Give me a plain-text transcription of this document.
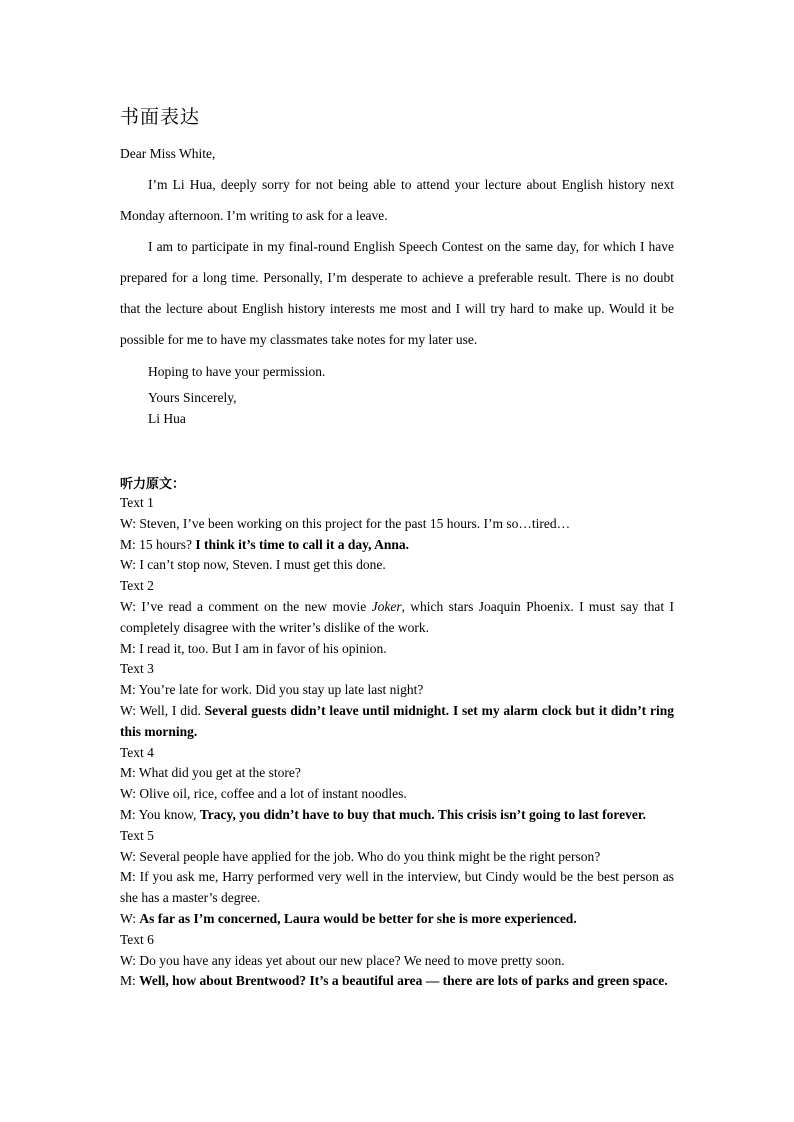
书面表达
Dear Miss White,
I’m Li Hua, deeply sorry for not being able to attend your lecture about English history next Monday afternoon. I’m writing to ask for a leave.
I am to participate in my final-round English Speech Contest on the same day, for which I have prepared for a long time. Personally, I’m desperate to achieve a preferable result. There is no doubt that the lecture about English history interests me most and I will try hard to make up. Would it be possible for me to have my classmates take notes for my later use.
Hoping to have your permission.
Yours Sincerely,
Li Hua
听力原文：
Text 1
W: Steven, I’ve been working on this project for the past 15 hours. I’m so…tired…
M: 15 hours? I think it’s time to call it a day, Anna.
W: I can’t stop now, Steven. I must get this done.
Text 2
W: I’ve read a comment on the new movie Joker, which stars Joaquin Phoenix. I must say that I completely disagree with the writer’s dislike of the work.
M: I read it, too. But I am in favor of his opinion.
Text 3
M: You’re late for work. Did you stay up late last night?
W: Well, I did. Several guests didn’t leave until midnight. I set my alarm clock but it didn’t ring this morning.
Text 4
M: What did you get at the store?
W: Olive oil, rice, coffee and a lot of instant noodles.
M: You know, Tracy, you didn’t have to buy that much. This crisis isn’t going to last forever.
Text 5
W: Several people have applied for the job. Who do you think might be the right person?
M: If you ask me, Harry performed very well in the interview, but Cindy would be the best person as she has a master’s degree.
W: As far as I’m concerned, Laura would be better for she is more experienced.
Text 6
W: Do you have any ideas yet about our new place? We need to move pretty soon.
M: Well, how about Brentwood? It’s a beautiful area — there are lots of parks and green space.
